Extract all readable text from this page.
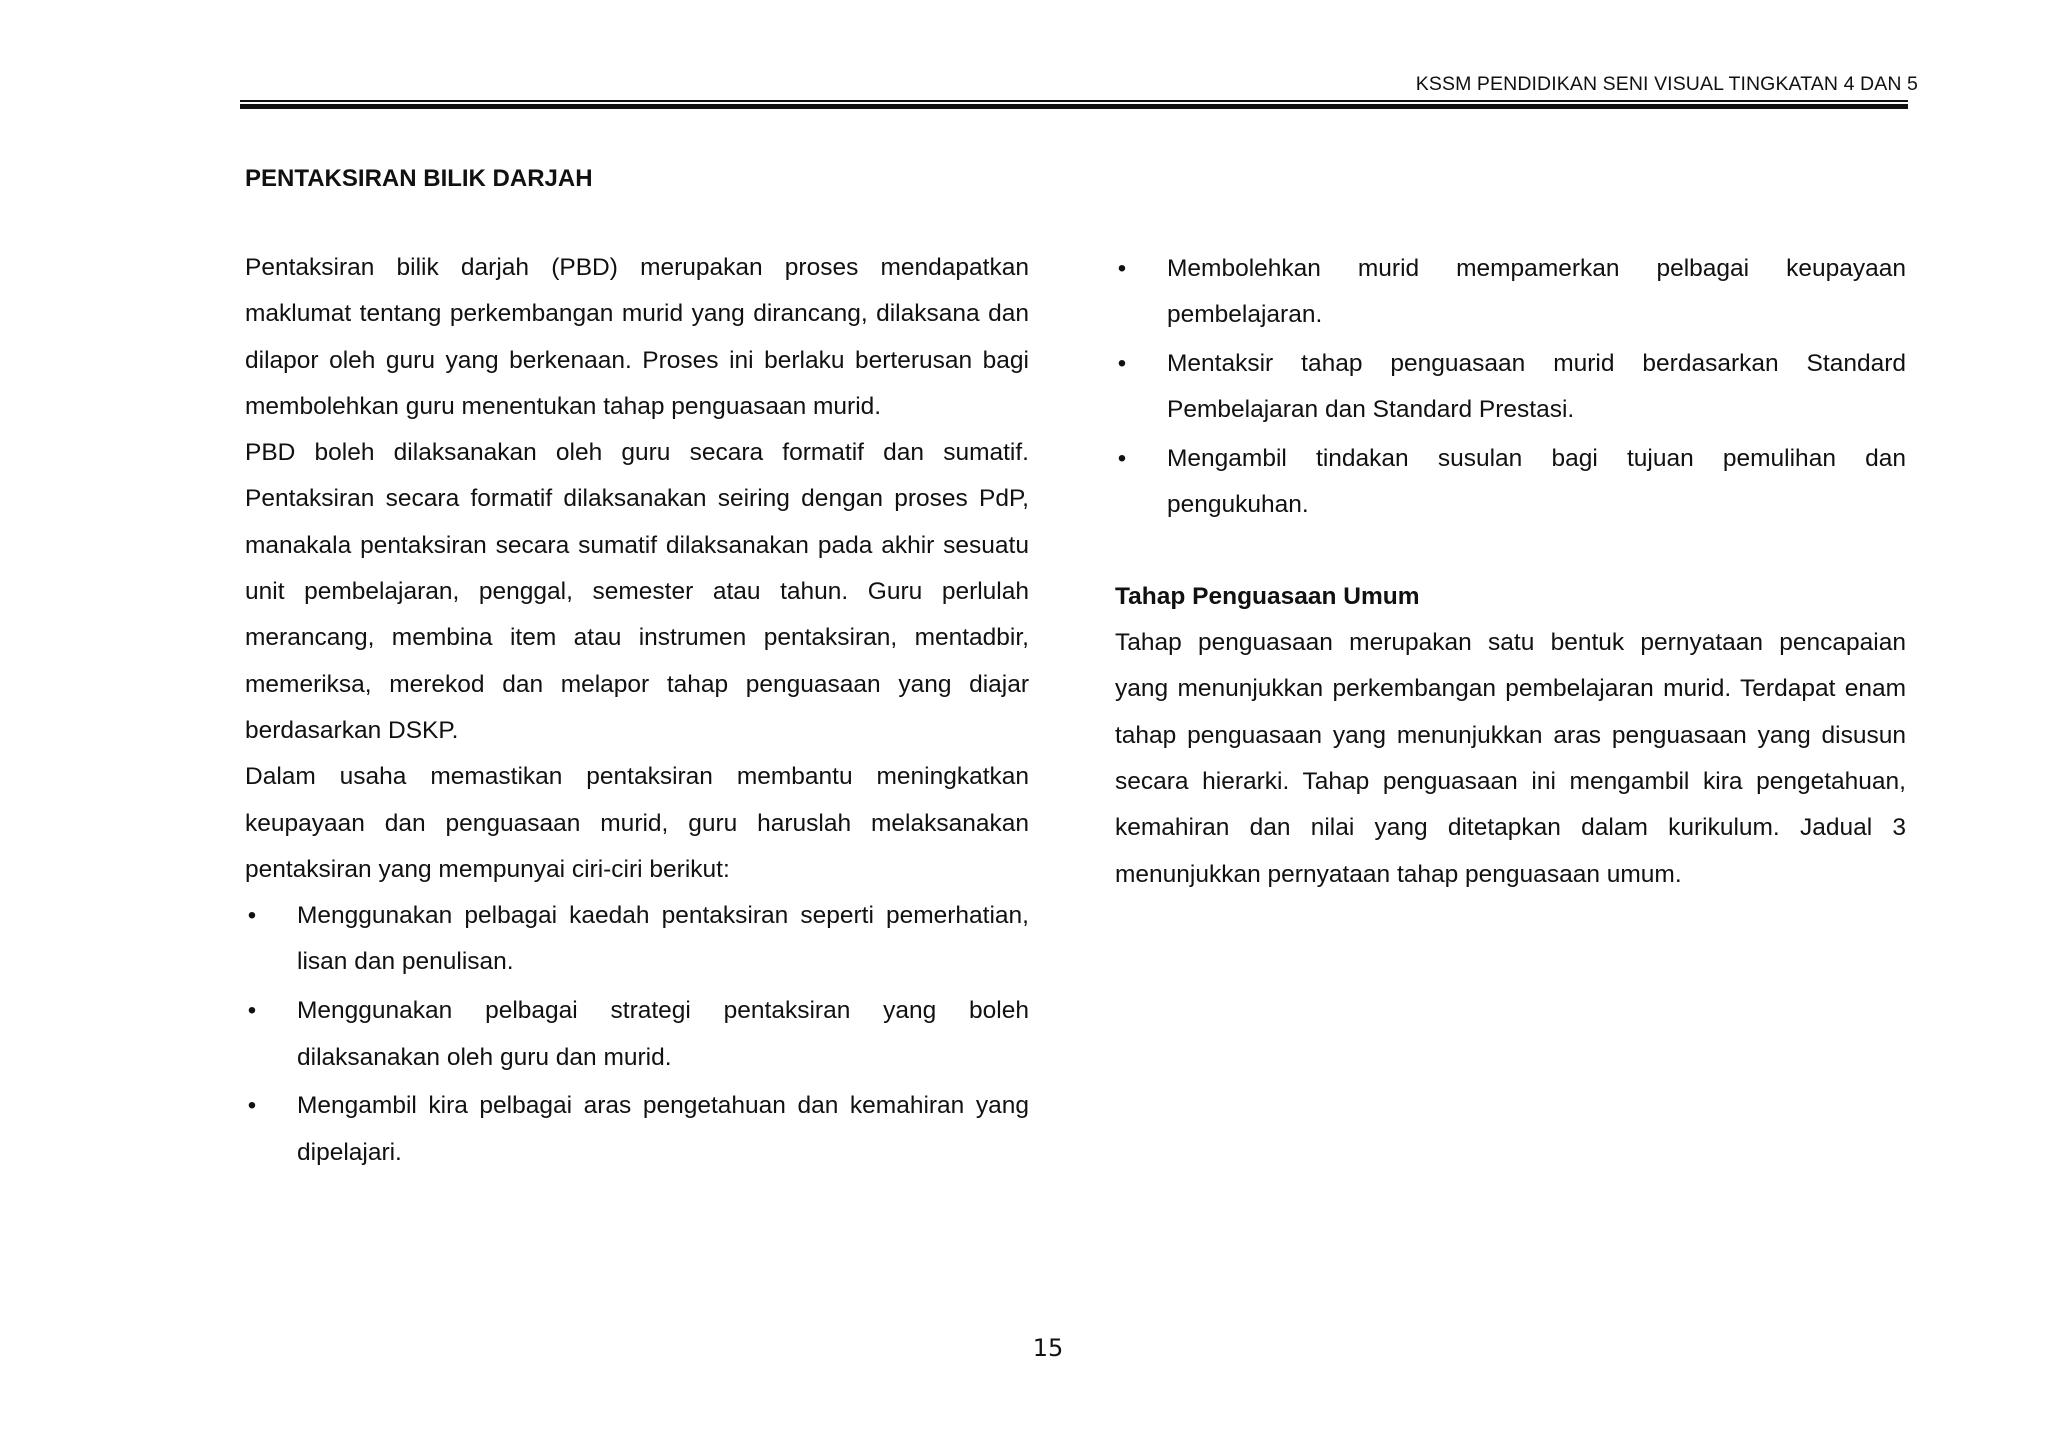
KSSM PENDIDIKAN SENI VISUAL TINGKATAN 4 DAN 5
PENTAKSIRAN BILIK DARJAH

Pentaksiran bilik darjah (PBD) merupakan proses mendapatkan maklumat tentang perkembangan murid yang dirancang, dilaksana dan dilapor oleh guru yang berkenaan. Proses ini berlaku berterusan bagi membolehkan guru menentukan tahap penguasaan murid.

PBD boleh dilaksanakan oleh guru secara formatif dan sumatif. Pentaksiran secara formatif dilaksanakan seiring dengan proses PdP, manakala pentaksiran secara sumatif dilaksanakan pada akhir sesuatu unit pembelajaran, penggal, semester atau tahun. Guru perlulah merancang, membina item atau instrumen pentaksiran, mentadbir, memeriksa, merekod dan melapor tahap penguasaan yang diajar berdasarkan DSKP.

Dalam usaha memastikan pentaksiran membantu meningkatkan keupayaan dan penguasaan murid, guru haruslah melaksanakan pentaksiran yang mempunyai ciri-ciri berikut:

• Menggunakan pelbagai kaedah pentaksiran seperti pemerhatian, lisan dan penulisan.
• Menggunakan pelbagai strategi pentaksiran yang boleh dilaksanakan oleh guru dan murid.
• Mengambil kira pelbagai aras pengetahuan dan kemahiran yang dipelajari.
• Membolehkan murid mempamerkan pelbagai keupayaan pembelajaran.
• Mentaksir tahap penguasaan murid berdasarkan Standard Pembelajaran dan Standard Prestasi.
• Mengambil tindakan susulan bagi tujuan pemulihan dan pengukuhan.

Tahap Penguasaan Umum

Tahap penguasaan merupakan satu bentuk pernyataan pencapaian yang menunjukkan perkembangan pembelajaran murid. Terdapat enam tahap penguasaan yang menunjukkan aras penguasaan yang disusun secara hierarki. Tahap penguasaan ini mengambil kira pengetahuan, kemahiran dan nilai yang ditetapkan dalam kurikulum. Jadual 3 menunjukkan pernyataan tahap penguasaan umum.

15
